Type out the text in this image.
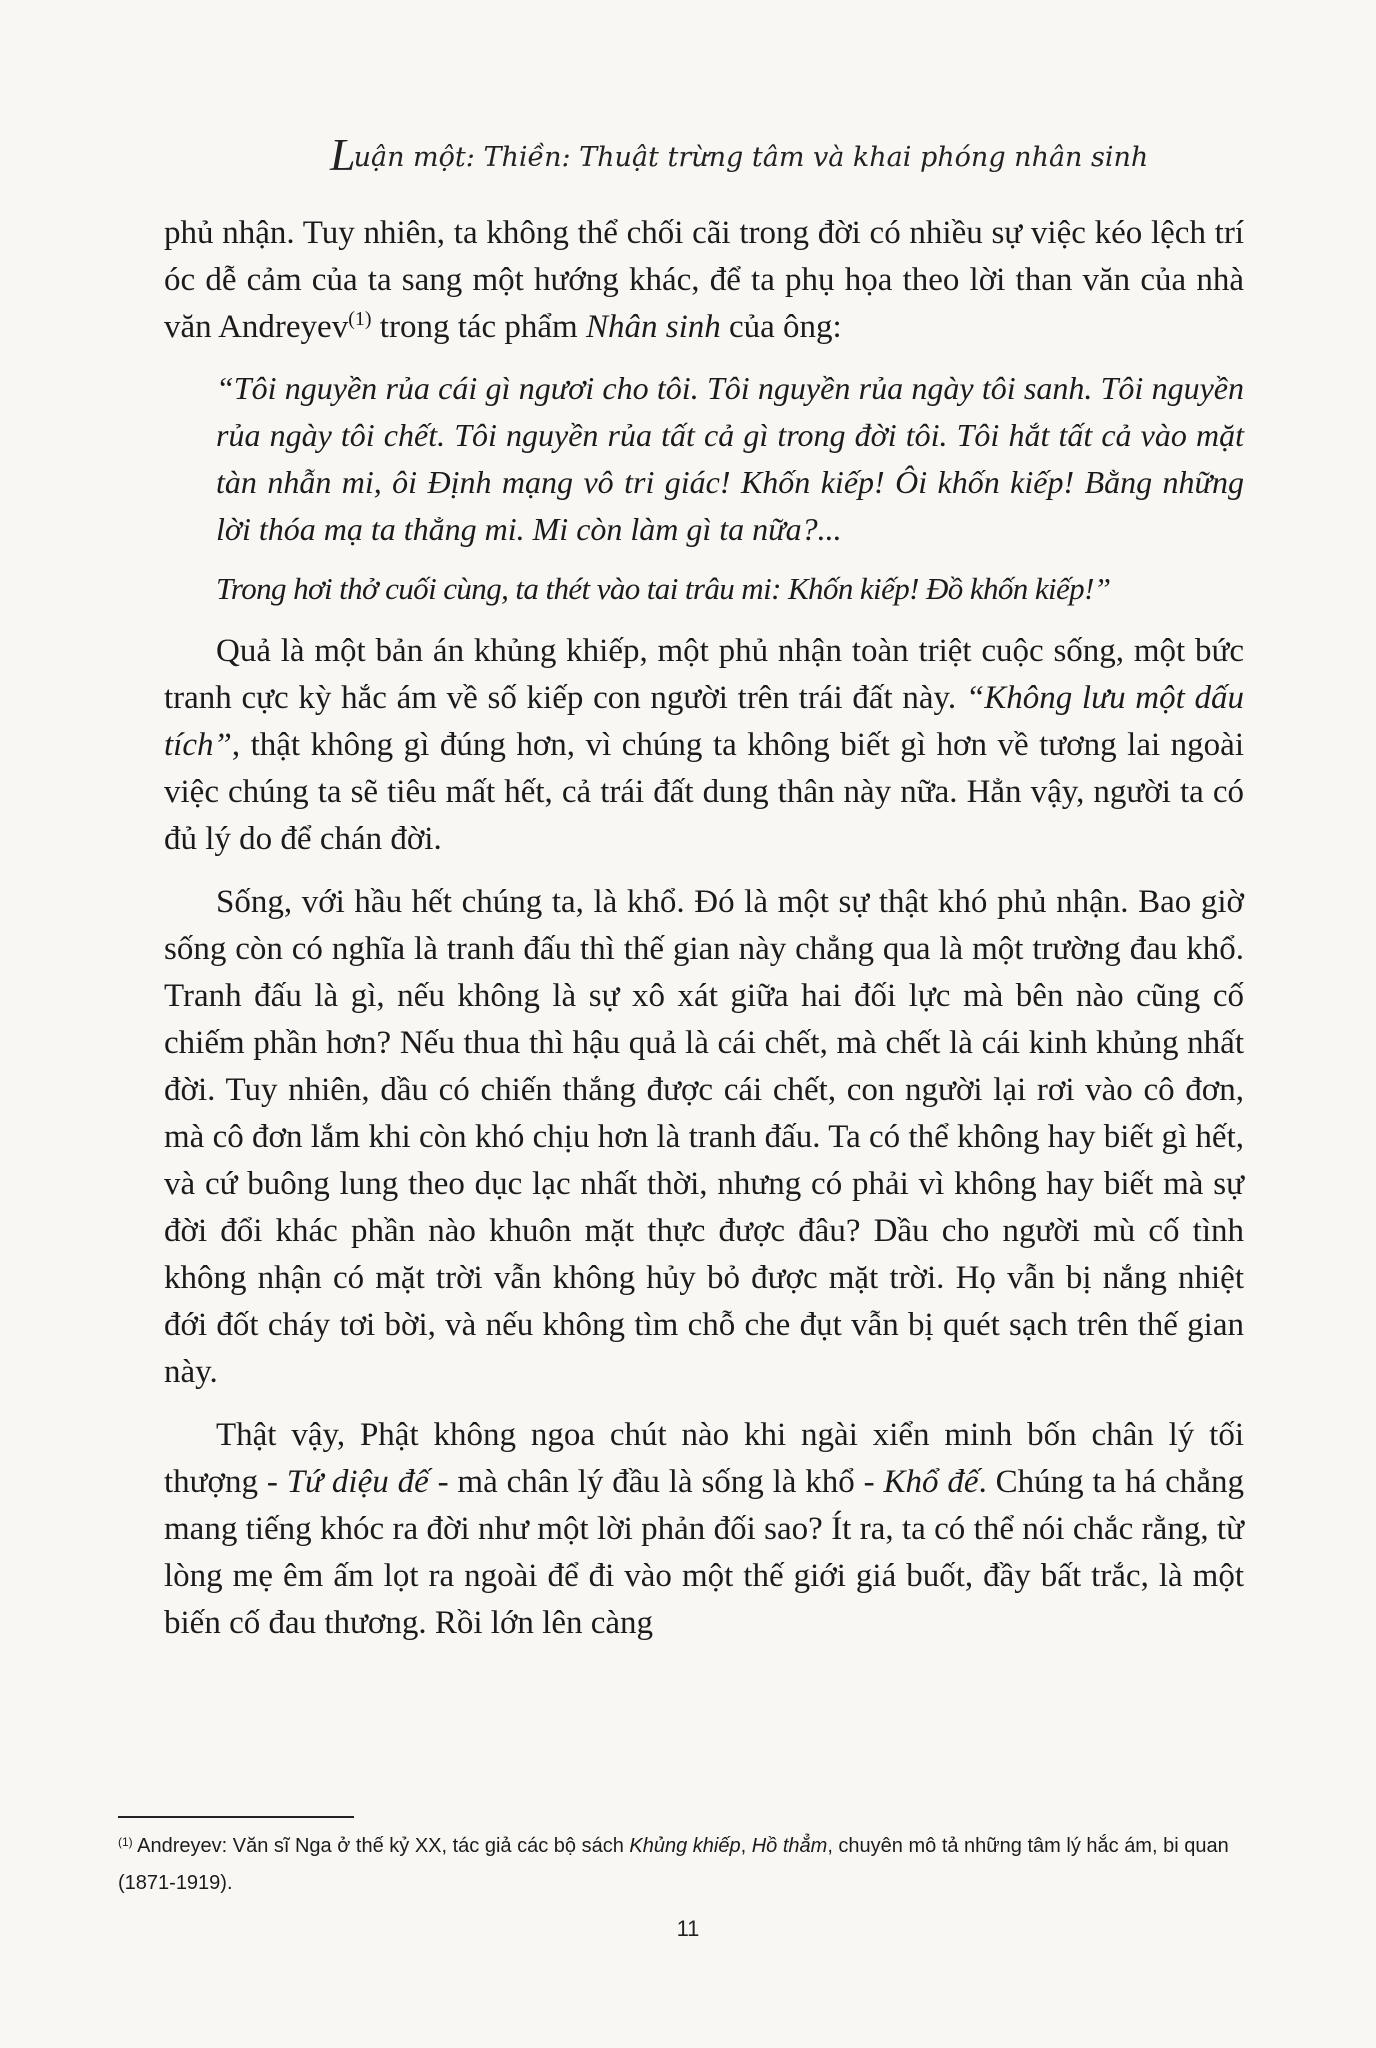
Luận một: Thiền: Thuật trừng tâm và khai phóng nhân sinh

phủ nhận. Tuy nhiên, ta không thể chối cãi trong đời có nhiều sự việc kéo lệch trí óc dễ cảm của ta sang một hướng khác, để ta phụ họa theo lời than văn của nhà văn Andreyev$^{(1)}$ trong tác phẩm Nhân sinh của ông:

“Tôi nguyền rủa cái gì ngươi cho tôi. Tôi nguyền rủa ngày tôi sanh. Tôi nguyền rủa ngày tôi chết. Tôi nguyền rủa tất cả gì trong đời tôi. Tôi hắt tất cả vào mặt tàn nhẫn mi, ôi Định mạng vô tri giác! Khốn kiếp! Ôi khốn kiếp! Bằng những lời thóa mạ ta thẳng mi. Mi còn làm gì ta nữa?...

Trong hơi thở cuối cùng, ta thét vào tai trâu mi: Khốn kiếp! Đồ khốn kiếp!”

Quả là một bản án khủng khiếp, một phủ nhận toàn triệt cuộc sống, một bức tranh cực kỳ hắc ám về số kiếp con người trên trái đất này. “Không lưu một dấu tích”, thật không gì đúng hơn, vì chúng ta không biết gì hơn về tương lai ngoài việc chúng ta sẽ tiêu mất hết, cả trái đất dung thân này nữa. Hẳn vậy, người ta có đủ lý do để chán đời.

Sống, với hầu hết chúng ta, là khổ. Đó là một sự thật khó phủ nhận. Bao giờ sống còn có nghĩa là tranh đấu thì thế gian này chẳng qua là một trường đau khổ. Tranh đấu là gì, nếu không là sự xô xát giữa hai đối lực mà bên nào cũng cố chiếm phần hơn? Nếu thua thì hậu quả là cái chết, mà chết là cái kinh khủng nhất đời. Tuy nhiên, dầu có chiến thắng được cái chết, con người lại rơi vào cô đơn, mà cô đơn lắm khi còn khó chịu hơn là tranh đấu. Ta có thể không hay biết gì hết, và cứ buông lung theo dục lạc nhất thời, nhưng có phải vì không hay biết mà sự đời đổi khác phần nào khuôn mặt thực được đâu? Dầu cho người mù cố tình không nhận có mặt trời vẫn không hủy bỏ được mặt trời. Họ vẫn bị nắng nhiệt đới đốt cháy tơi bời, và nếu không tìm chỗ che đụt vẫn bị quét sạch trên thế gian này.

Thật vậy, Phật không ngoa chút nào khi ngài xiển minh bốn chân lý tối thượng - Tứ diệu đế - mà chân lý đầu là sống là khổ - Khổ đế. Chúng ta há chẳng mang tiếng khóc ra đời như một lời phản đối sao? Ít ra, ta có thể nói chắc rằng, từ lòng mẹ êm ấm lọt ra ngoài để đi vào một thế giới giá buốt, đầy bất trắc, là một biến cố đau thương. Rồi lớn lên càng

$^{(1)}$ Andreyev: Văn sĩ Nga ở thế kỷ XX, tác giả các bộ sách Khủng khiếp, Hồ thẳm, chuyên mô tả những tâm lý hắc ám, bi quan (1871-1919).
11
